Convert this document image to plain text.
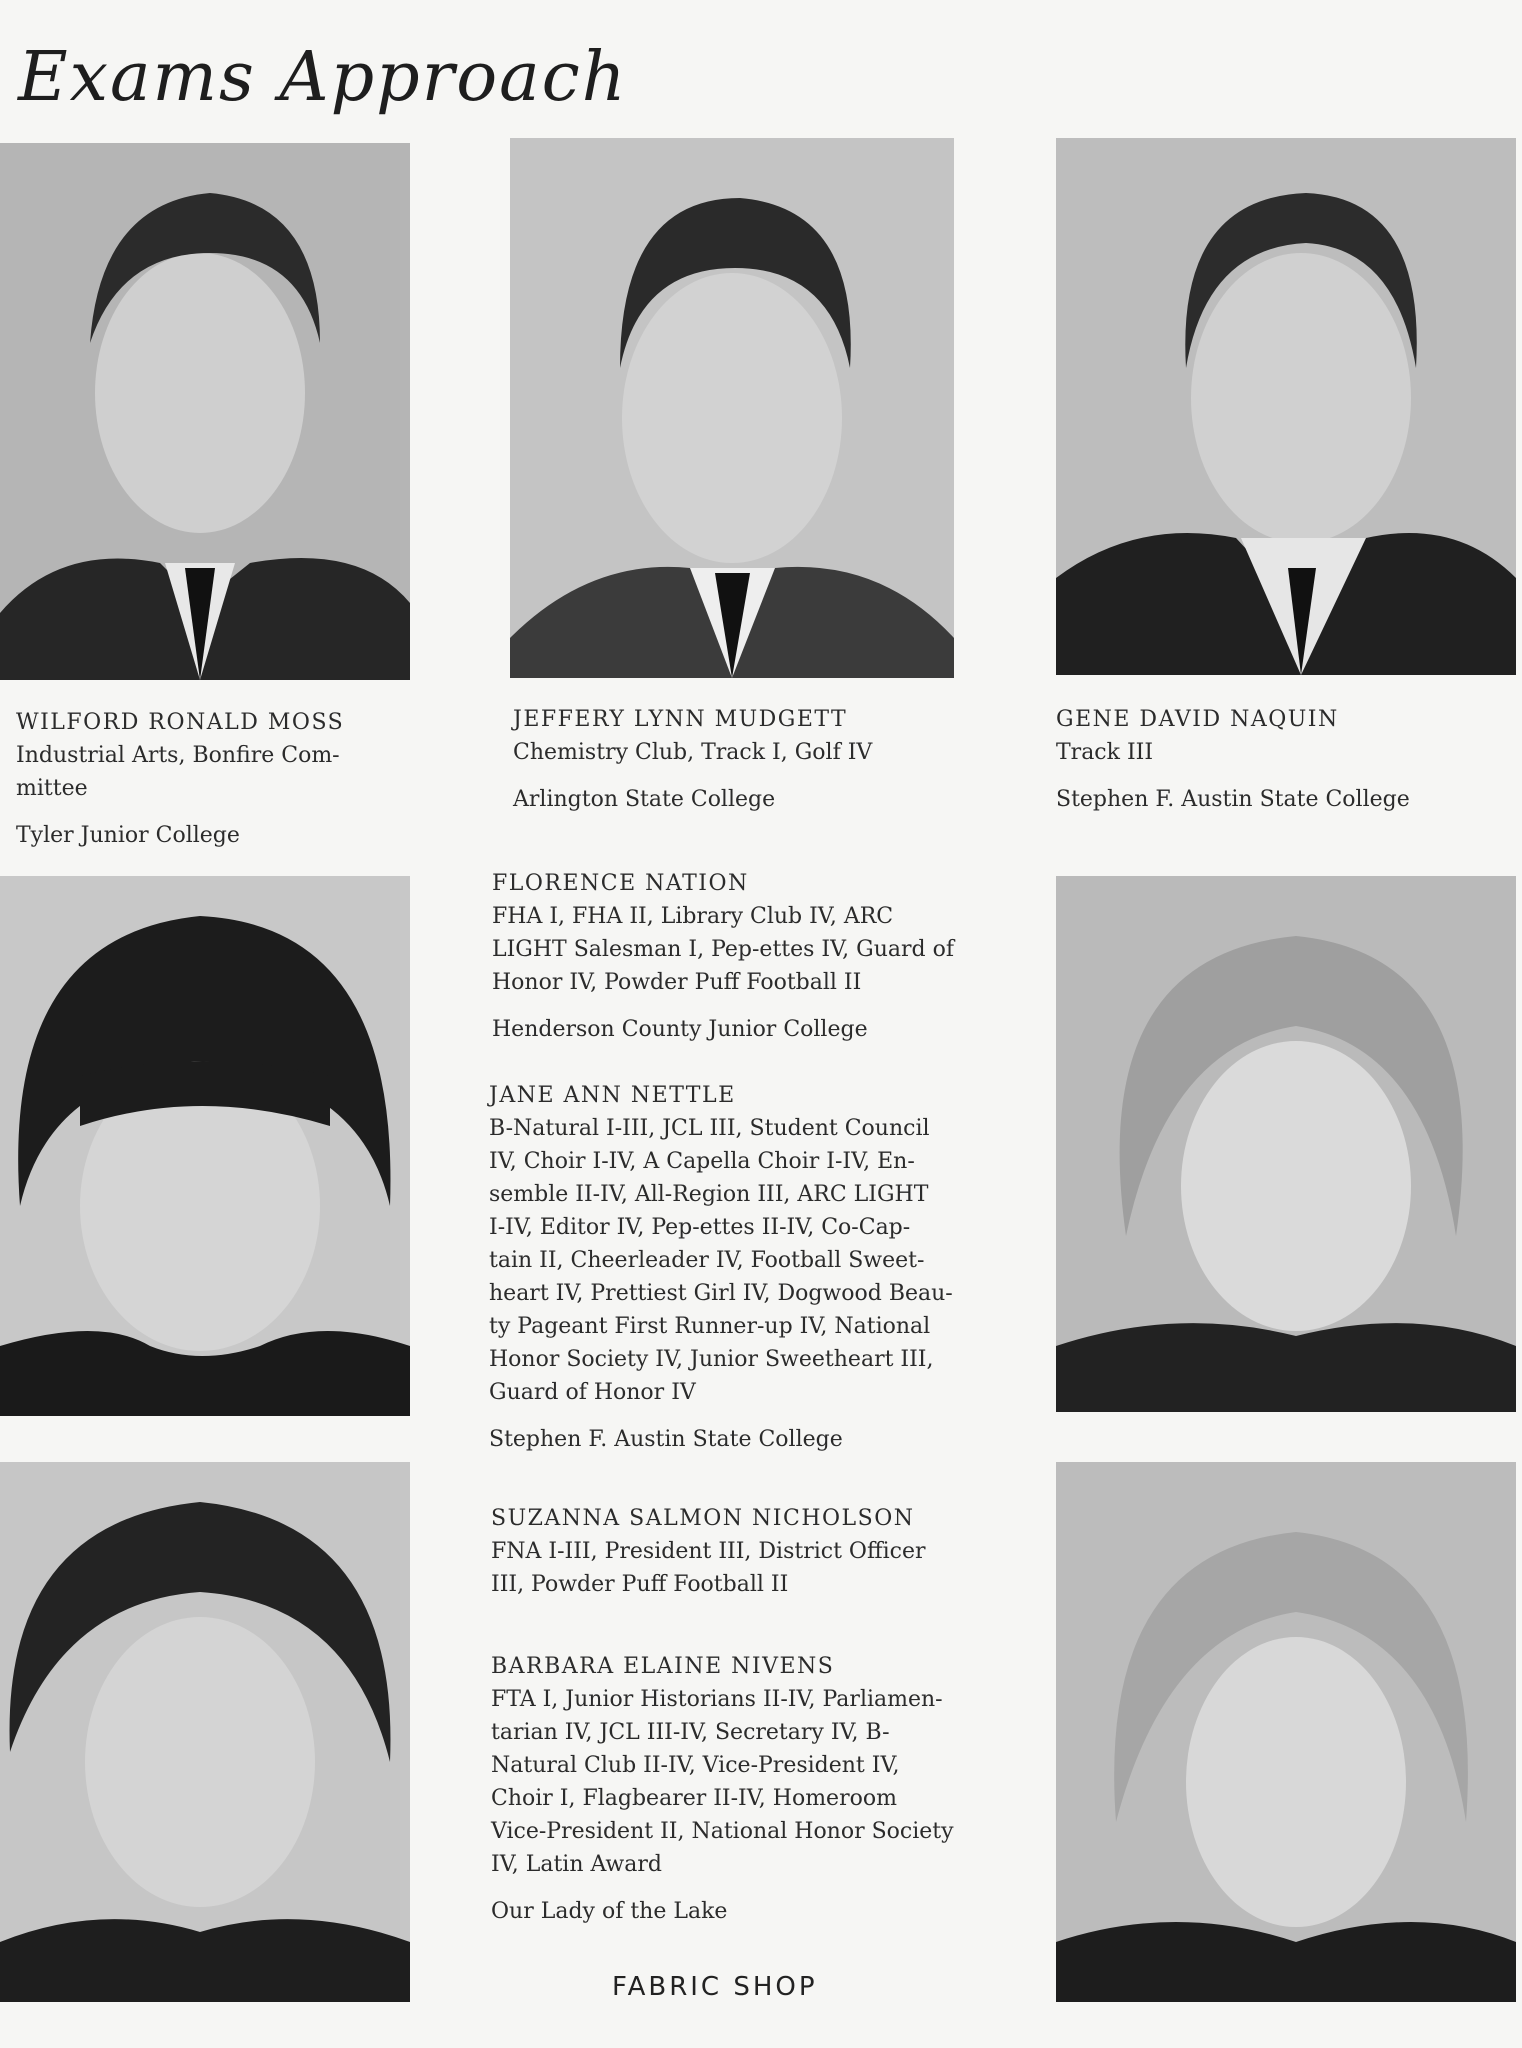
Exams Approach
WILFORD RONALD MOSS
Industrial Arts, Bonfire Com-
mittee
Tyler Junior College
JEFFERY LYNN MUDGETT
Chemistry Club, Track I, Golf IV
Arlington State College
GENE DAVID NAQUIN
Track III
Stephen F. Austin State College
FLORENCE NATION
FHA I, FHA II, Library Club IV, ARC
LIGHT Salesman I, Pep-ettes IV, Guard of
Honor IV, Powder Puff Football II
Henderson County Junior College
JANE ANN NETTLE
B-Natural I-III, JCL III, Student Council
IV, Choir I-IV, A Capella Choir I-IV, En-
semble II-IV, All-Region III, ARC LIGHT
I-IV, Editor IV, Pep-ettes II-IV, Co-Cap-
tain II, Cheerleader IV, Football Sweet-
heart IV, Prettiest Girl IV, Dogwood Beau-
ty Pageant First Runner-up IV, National
Honor Society IV, Junior Sweetheart III,
Guard of Honor IV
Stephen F. Austin State College
SUZANNA SALMON NICHOLSON
FNA I-III, President III, District Officer
III, Powder Puff Football II
BARBARA ELAINE NIVENS
FTA I, Junior Historians II-IV, Parliamen-
tarian IV, JCL III-IV, Secretary IV, B-
Natural Club II-IV, Vice-President IV,
Choir I, Flagbearer II-IV, Homeroom
Vice-President II, National Honor Society
IV, Latin Award
Our Lady of the Lake
FABRIC SHOP
